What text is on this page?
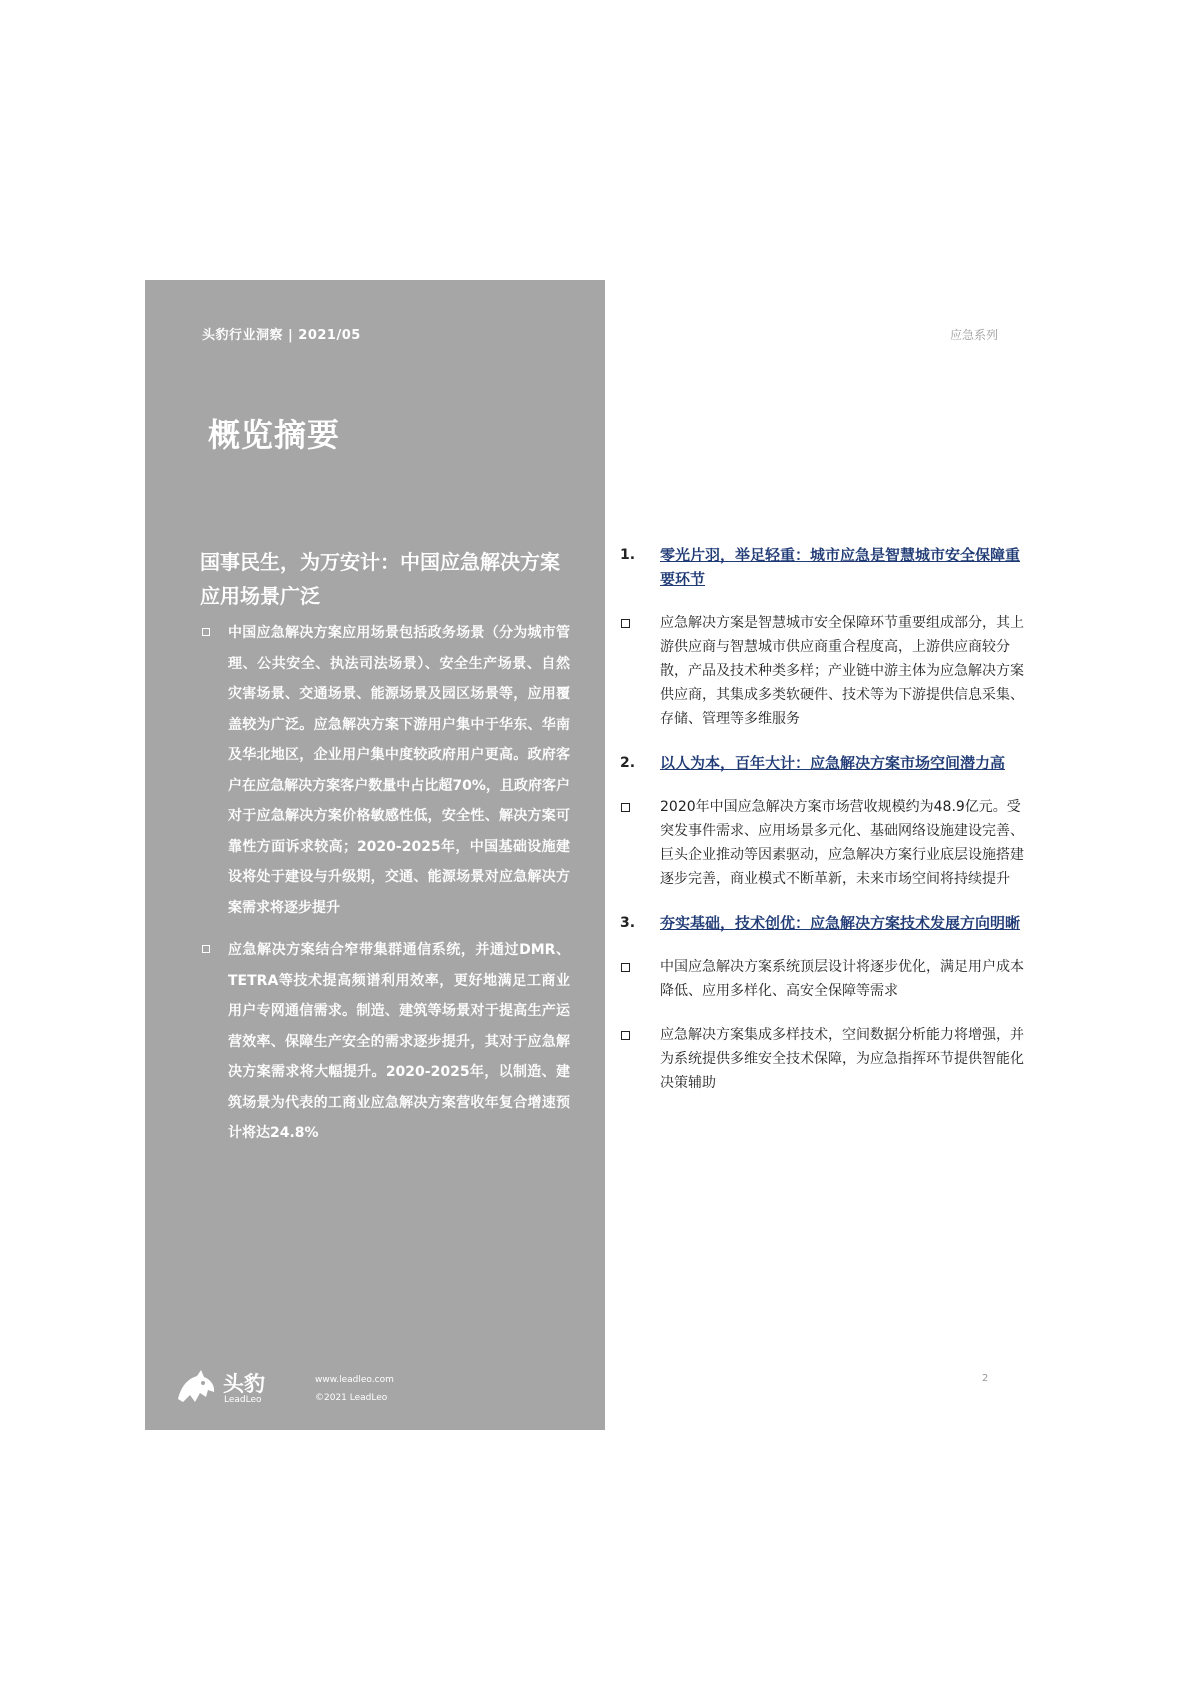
头豹行业洞察 | 2021/05
概览摘要
国事民生，为万安计：中国应急解决方案应用场景广泛
中国应急解决方案应用场景包括政务场景（分为城市管理、公共安全、执法司法场景）、安全生产场景、自然灾害场景、交通场景、能源场景及园区场景等，应用覆盖较为广泛。应急解决方案下游用户集中于华东、华南及华北地区，企业用户集中度较政府用户更高。政府客户在应急解决方案客户数量中占比超70%，且政府客户对于应急解决方案价格敏感性低，安全性、解决方案可靠性方面诉求较高；2020-2025年，中国基础设施建设将处于建设与升级期，交通、能源场景对应急解决方案需求将逐步提升
应急解决方案结合窄带集群通信系统，并通过DMR、TETRA等技术提高频谱利用效率，更好地满足工商业用户专网通信需求。制造、建筑等场景对于提高生产运营效率、保障生产安全的需求逐步提升，其对于应急解决方案需求将大幅提升。2020-2025年，以制造、建筑场景为代表的工商业应急解决方案营收年复合增速预计将达24.8%
头豹
LeadLeo
www.leadleo.com
©2021 LeadLeo
应急系列
1. 零光片羽，举足轻重：城市应急是智慧城市安全保障重要环节
应急解决方案是智慧城市安全保障环节重要组成部分，其上游供应商与智慧城市供应商重合程度高，上游供应商较分散，产品及技术种类多样；产业链中游主体为应急解决方案供应商，其集成多类软硬件、技术等为下游提供信息采集、存储、管理等多维服务
2. 以人为本，百年大计：应急解决方案市场空间潜力高
2020年中国应急解决方案市场营收规模约为48.9亿元。受突发事件需求、应用场景多元化、基础网络设施建设完善、巨头企业推动等因素驱动，应急解决方案行业底层设施搭建逐步完善，商业模式不断革新，未来市场空间将持续提升
3. 夯实基础，技术创优：应急解决方案技术发展方向明晰
中国应急解决方案系统顶层设计将逐步优化，满足用户成本降低、应用多样化、高安全保障等需求
应急解决方案集成多样技术，空间数据分析能力将增强，并为系统提供多维安全技术保障，为应急指挥环节提供智能化决策辅助
2
